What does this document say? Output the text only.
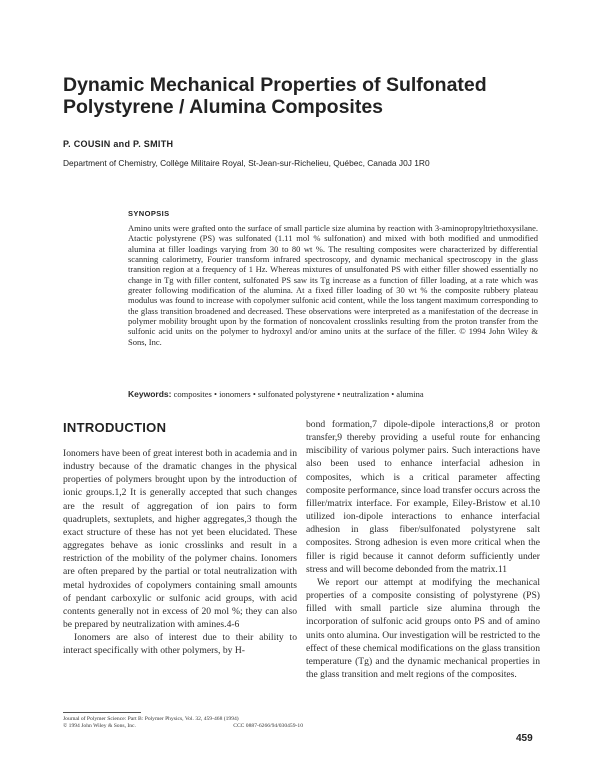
Dynamic Mechanical Properties of Sulfonated
Polystyrene / Alumina Composites
P. COUSIN and P. SMITH
Department of Chemistry, Collège Militaire Royal, St-Jean-sur-Richelieu, Québec, Canada J0J 1R0
SYNOPSIS
Amino units were grafted onto the surface of small particle size alumina by reaction with 3-aminopropyltriethoxysilane. Atactic polystyrene (PS) was sulfonated (1.11 mol % sulfonation) and mixed with both modified and unmodified alumina at filler loadings varying from 30 to 80 wt %. The resulting composites were characterized by differential scanning calorimetry, Fourier transform infrared spectroscopy, and dynamic mechanical spectroscopy in the glass transition region at a frequency of 1 Hz. Whereas mixtures of unsulfonated PS with either filler showed essentially no change in Tg with filler content, sulfonated PS saw its Tg increase as a function of filler loading, at a rate which was greater following modification of the alumina. At a fixed filler loading of 30 wt % the composite rubbery plateau modulus was found to increase with copolymer sulfonic acid content, while the loss tangent maximum corresponding to the glass transition broadened and decreased. These observations were interpreted as a manifestation of the decrease in polymer mobility brought upon by the formation of noncovalent crosslinks resulting from the proton transfer from the sulfonic acid units on the polymer to hydroxyl and/or amino units at the surface of the filler. © 1994 John Wiley & Sons, Inc.
Keywords: composites • ionomers • sulfonated polystyrene • neutralization • alumina
INTRODUCTION

Ionomers have been of great interest both in academia and in industry because of the dramatic changes in the physical properties of polymers brought upon by the introduction of ionic groups.1,2 It is generally accepted that such changes are the result of aggregation of ion pairs to form quadruplets, sextuplets, and higher aggregates,3 though the exact structure of these has not yet been elucidated. These aggregates behave as ionic crosslinks and result in a restriction of the mobility of the polymer chains. Ionomers are often prepared by the partial or total neutralization with metal hydroxides of copolymers containing small amounts of pendant carboxylic or sulfonic acid groups, with acid contents generally not in excess of 20 mol %; they can also be prepared by neutralization with amines.4-6

Ionomers are also of interest due to their ability to interact specifically with other polymers, by H-

bond formation,7 dipole-dipole interactions,8 or proton transfer,9 thereby providing a useful route for enhancing miscibility of various polymer pairs. Such interactions have also been used to enhance interfacial adhesion in composites, which is a critical parameter affecting composite performance, since load transfer occurs across the filler/matrix interface. For example, Eiley-Bristow et al.10 utilized ion-dipole interactions to enhance interfacial adhesion in glass fiber/sulfonated polystyrene salt composites. Strong adhesion is even more critical when the filler is rigid because it cannot deform sufficiently under stress and will become debonded from the matrix.11

We report our attempt at modifying the mechanical properties of a composite consisting of polystyrene (PS) filled with small particle size alumina through the incorporation of sulfonic acid groups onto PS and of amino units onto alumina. Our investigation will be restricted to the effect of these chemical modifications on the glass transition temperature (Tg) and the dynamic mechanical properties in the glass transition and melt regions of the composites.

Journal of Polymer Science: Part B: Polymer Physics, Vol. 32, 459-468 (1994)
© 1994 John Wiley & Sons, Inc.	CCC 0887-6266/94/030459-10
459
